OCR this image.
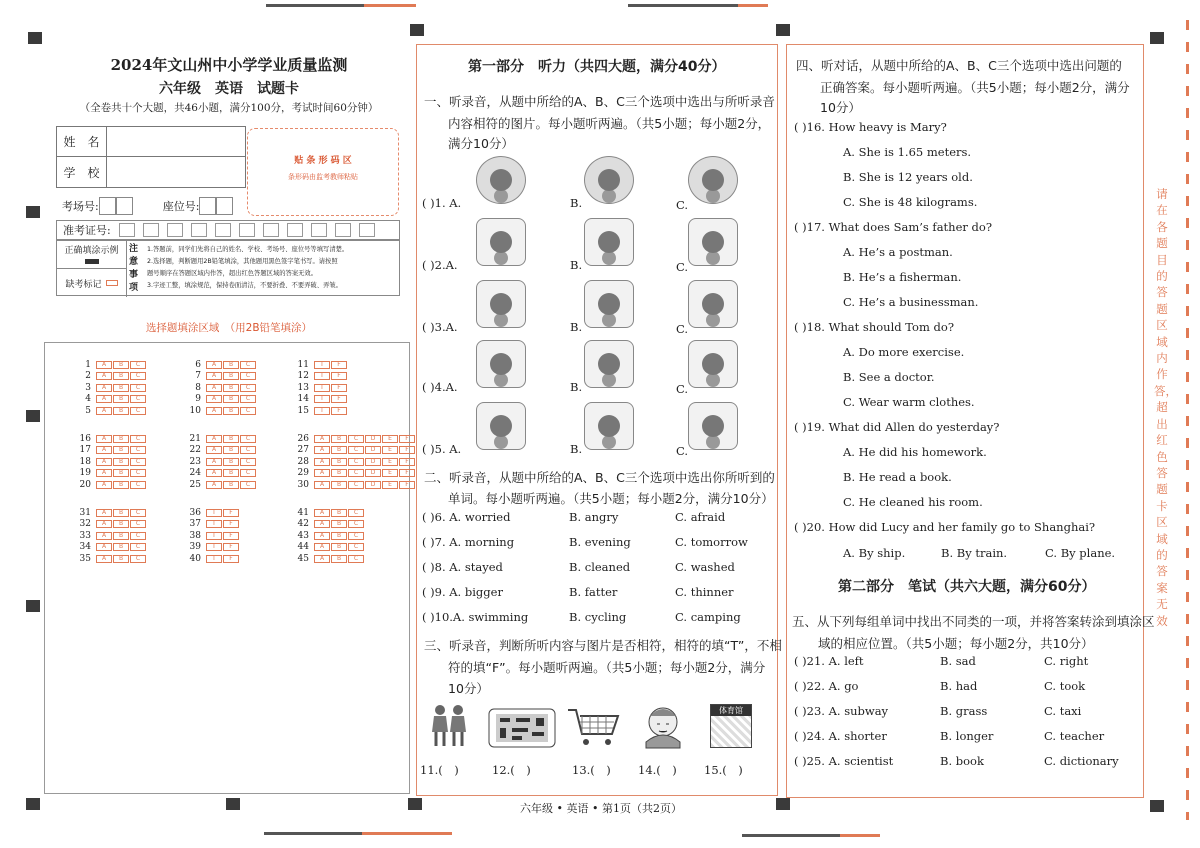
2024年文山州中小学学业质量监测
六年级　英语　试题卡
（全卷共十个大题，共46小题，满分100分，考试时间60分钟）
姓　名
学　校
考场号:	座位号:
贴 条 形 码 区
条形码由监考教师粘贴
准考证号:
正确填涂示例
缺考标记
注意事项
1.答题前，同学们先将自己的姓名、学校、考场号、座位号等填写清楚。
2.选择题，判断题用2B铅笔填涂，其他题用黑色签字笔书写。请按照
题号顺序在答题区域内作答，超出红色答题区域的答案无效。
3.字迹工整，填涂规范，保持卷面清洁，不要折叠、不要弄破、弄皱。
选择题填涂区域　（用2B铅笔填涂）
1	A	B	C	6	A	B	C	11	T	F
16	A	B	C	21	A	B	C	26	A	B	C	D	E	F
31	A	B	C	36	T	F	41	A	B	C
2	A	B	C	7	A	B	C	12	T	F
17	A	B	C	22	A	B	C	27	A	B	C	D	E	F
32	A	B	C	37	T	F	42	A	B	C
3	A	B	C	8	A	B	C	13	T	F
18	A	B	C	23	A	B	C	28	A	B	C	D	E	F
33	A	B	C	38	T	F	43	A	B	C
4	A	B	C	9	A	B	C	14	T	F
19	A	B	C	24	A	B	C	29	A	B	C	D	E	F
34	A	B	C	39	T	F	44	A	B	C
5	A	B	C	10	A	B	C	15	T	F
20	A	B	C	25	A	B	C	30	A	B	C	D	E	F
35	A	B	C	40	T	F	45	A	B	C
第一部分　听力（共四大题，满分40分）
一、听录音，从题中所给的A、B、C三个选项中选出与所听录音
内容相符的图片。每小题听两遍。（共5小题；每小题2分，
满分10分）
( )1. A.	B.	C.
( )2.A.	B.	C.
( )3.A.	B.	C.
( )4.A.	B.	C.
( )5. A.	B.	C.
二、听录音，从题中所给的A、B、C三个选项中选出你所听到的
单词。每小题听两遍。（共5小题；每小题2分，满分10分）
( )6. A. worried	B. angry	C. afraid
( )7. A. morning	B. evening	C. tomorrow
( )8. A. stayed	B. cleaned	C. washed
( )9. A. bigger	B. fatter	C. thinner
( )10.A. swimming	B. cycling	C. camping
三、听录音，判断所听内容与图片是否相符，相符的填“T”，不相
符的填“F”。每小题听两遍。（共5小题；每小题2分，满分
10分）
体育馆
11.(　)	12.(　)	13.(　) 14.(　) 15.(　)
六年级 • 英语 • 第1页（共2页）
四、听对话，从题中所给的A、B、C三个选项中选出问题的
正确答案。每小题听两遍。（共5小题；每小题2分，满分
10分）
( )16. How heavy is Mary?
A. She is 1.65 meters.
B. She is 12 years old.
C. She is 48 kilograms.
( )17. What does Sam’s father do?
A. He’s a postman.
B. He’s a fisherman.
C. He’s a businessman.
( )18. What should Tom do?
A. Do more exercise.
B. See a doctor.
C. Wear warm clothes.
( )19. What did Allen do yesterday?
A. He did his homework.
B. He read a book.
C. He cleaned his room.
( )20. How did Lucy and her family go to Shanghai?
A. By ship.	B. By train.	C. By plane.
第二部分　笔试（共六大题，满分60分）
五、从下列每组单词中找出不同类的一项，并将答案转涂到填涂区
域的相应位置。（共5小题；每小题2分，共10分）
( )21. A. left	B. sad	C. right
( )22. A. go	B. had	C. took
( )23. A. subway	B. grass	C. taxi
( )24. A. shorter	B. longer	C. teacher
( )25. A. scientist	B. book	C. dictionary
请在各题目的答题区域内作答，超出红色答题卡区域的答案无效
